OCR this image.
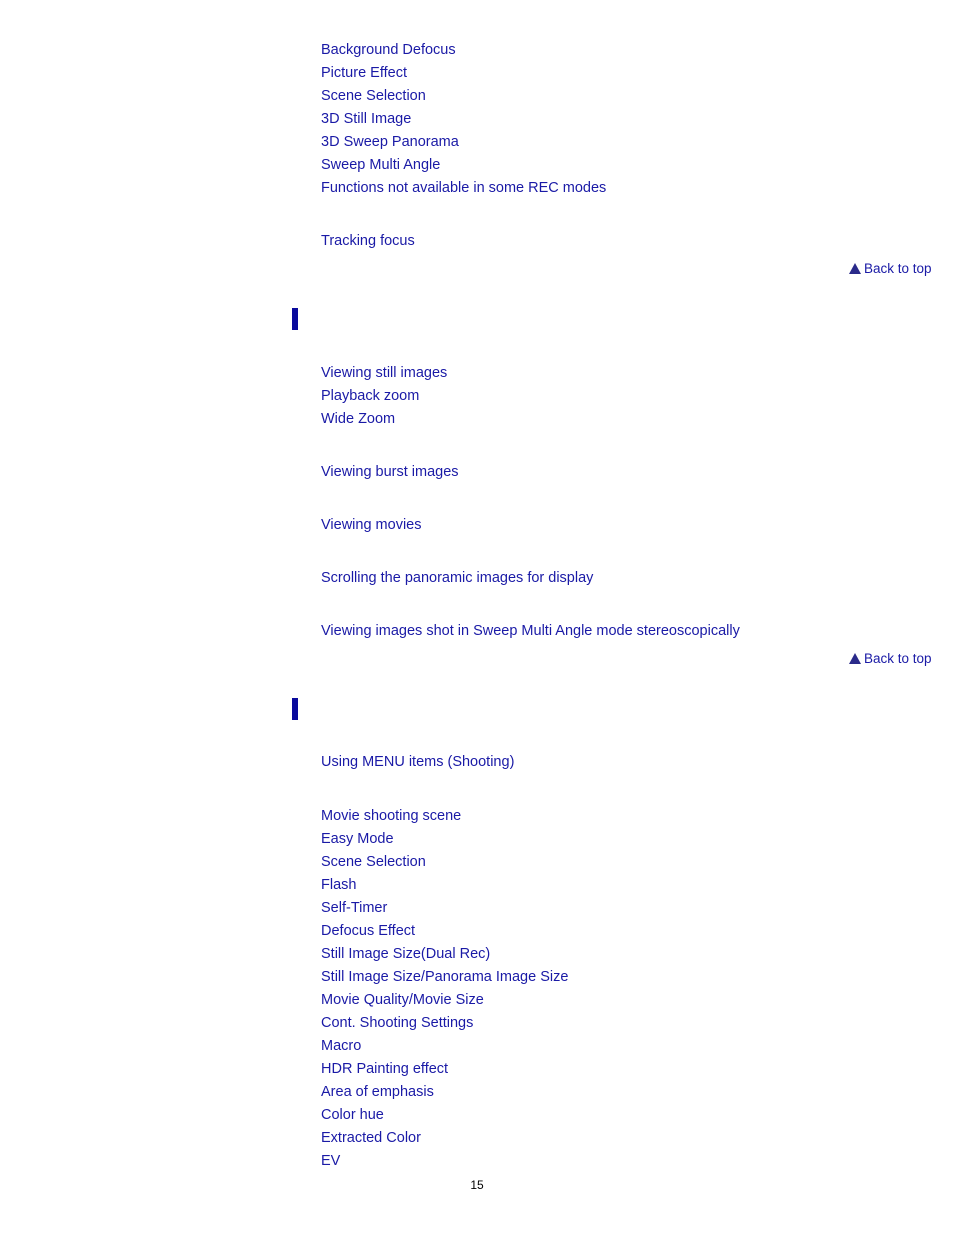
Background Defocus
Picture Effect
Scene Selection
3D Still Image
3D Sweep Panorama
Sweep Multi Angle
Functions not available in some REC modes
Tracking focus
Back to top
Viewing still images
Playback zoom
Wide Zoom
Viewing burst images
Viewing movies
Scrolling the panoramic images for display
Viewing images shot in Sweep Multi Angle mode stereoscopically
Back to top
Using MENU items (Shooting)
Movie shooting scene
Easy Mode
Scene Selection
Flash
Self-Timer
Defocus Effect
Still Image Size(Dual Rec)
Still Image Size/Panorama Image Size
Movie Quality/Movie Size
Cont. Shooting Settings
Macro
HDR Painting effect
Area of emphasis
Color hue
Extracted Color
EV
15
